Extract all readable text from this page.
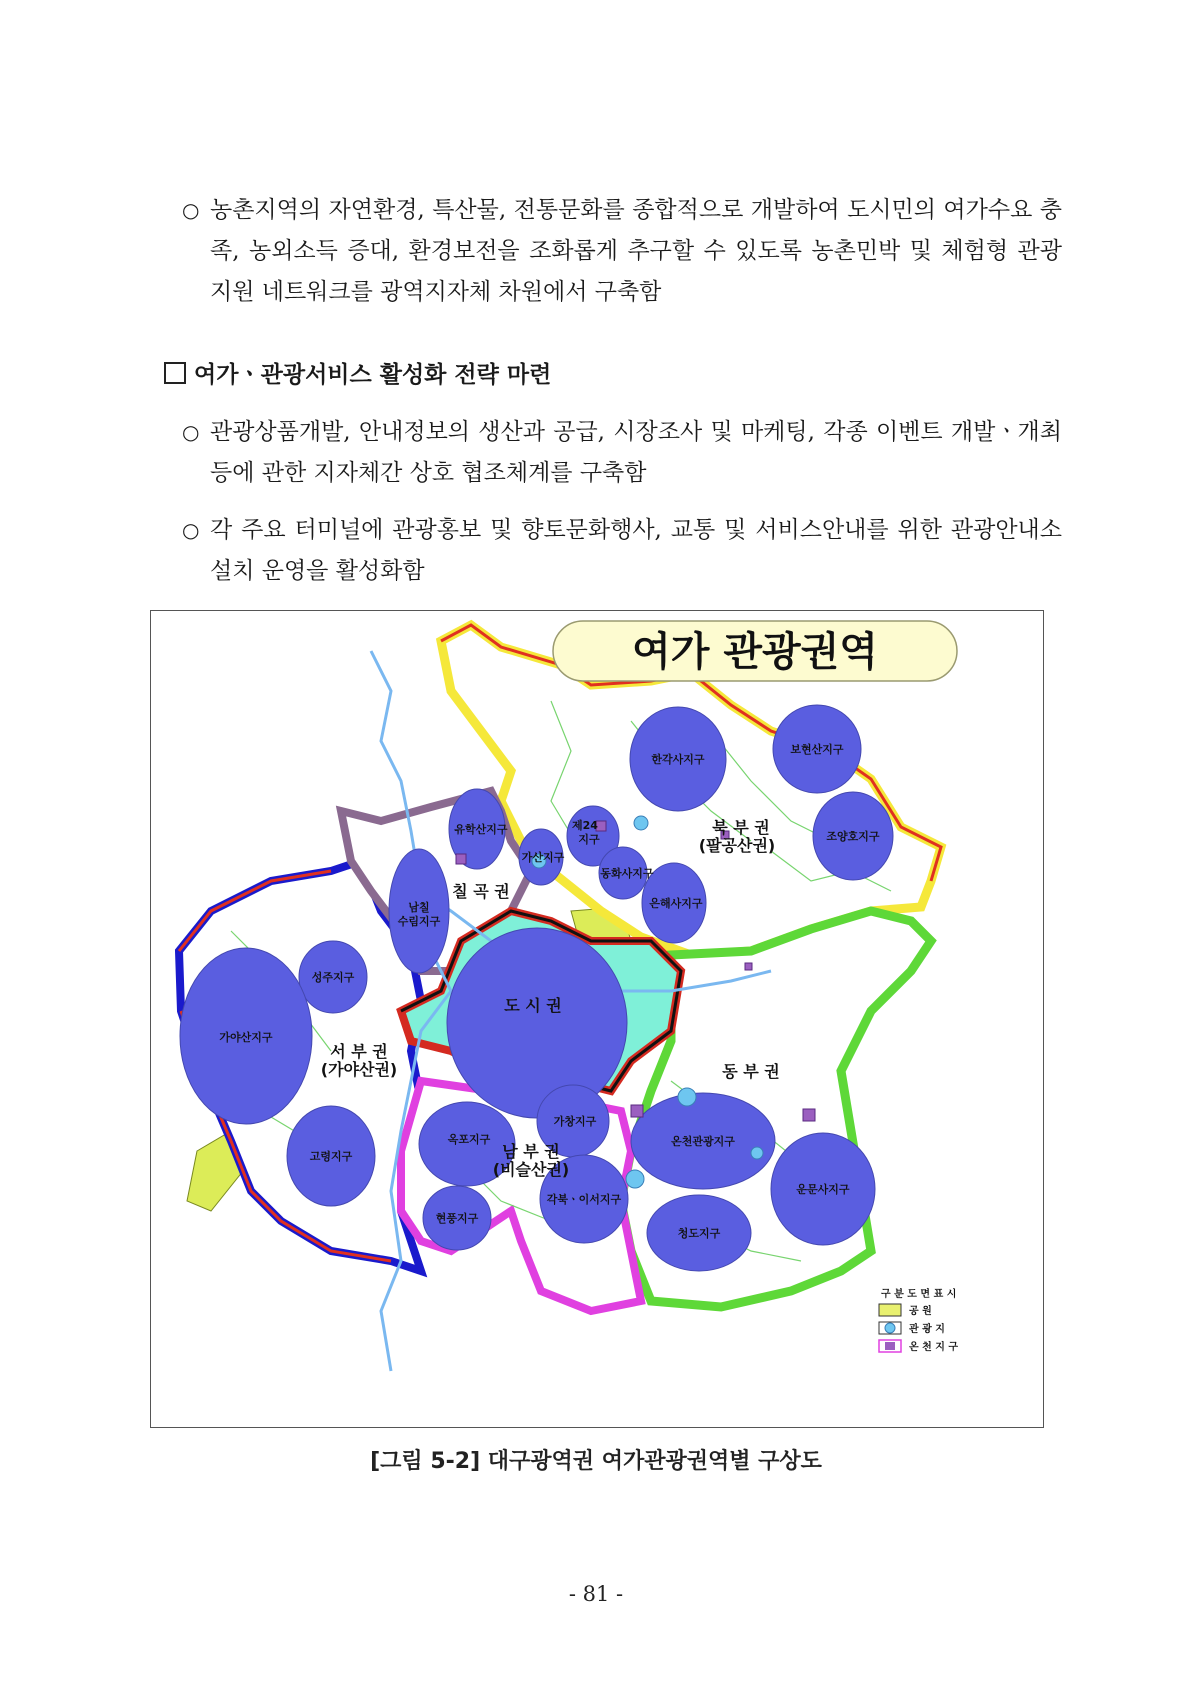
○ 농촌지역의 자연환경, 특산물, 전통문화를 종합적으로 개발하여 도시민의 여가수요 충족, 농외소득 증대, 환경보전을 조화롭게 추구할 수 있도록 농촌민박 및 체험형 관광 지원 네트워크를 광역지자체 차원에서 구축함
여가ㆍ관광서비스 활성화 전략 마련
○ 관광상품개발, 안내정보의 생산과 공급, 시장조사 및 마케팅, 각종 이벤트 개발ㆍ개최 등에 관한 지자체간 상호 협조체계를 구축함
○ 각 주요 터미널에 관광홍보 및 향토문화행사, 교통 및 서비스안내를 위한 관광안내소 설치 운영을 활성화함
여가 관광권역
한각사지구
보현산지구
조양호지구
유학산지구	제24
지구
가산지구
동화사지구
은해사지구
남칠
수림지구
성주지구
가야산지구
고령지구
옥포지구
가창지구
각북ㆍ이서지구
현풍지구
온천관광지구
운문사지구
청도지구
북 부 권
(팔공산권)
칠 곡 권
도 시 권
서 부 권
(가야산권)	동 부 권
남 부 권
(비슬산권)
구 분 도 면 표 시
공 원
관 광 지
온 천 지 구
[그림 5-2] 대구광역권 여가관광권역별 구상도
- 81 -
